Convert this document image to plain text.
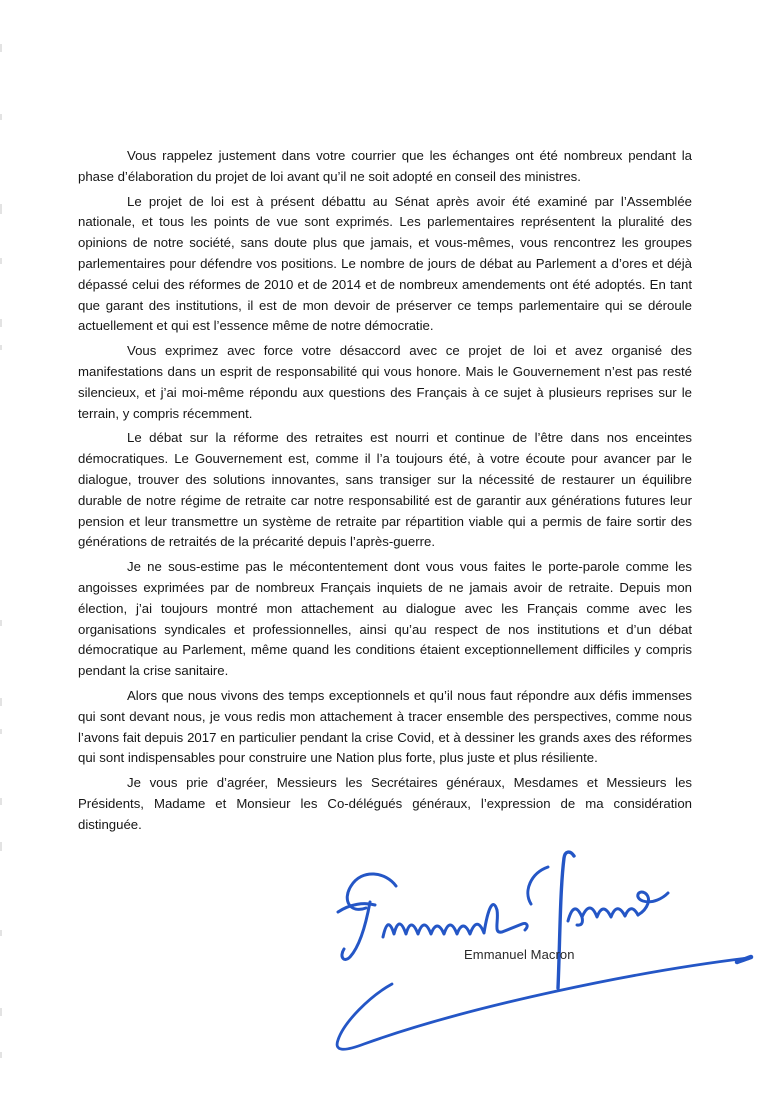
Vous rappelez justement dans votre courrier que les échanges ont été nombreux pendant la phase d’élaboration du projet de loi avant qu’il ne soit adopté en conseil des ministres.

Le projet de loi est à présent débattu au Sénat après avoir été examiné par l’Assemblée nationale, et tous les points de vue sont exprimés. Les parlementaires représentent la pluralité des opinions de notre société, sans doute plus que jamais, et vous-mêmes, vous rencontrez les groupes parlementaires pour défendre vos positions. Le nombre de jours de débat au Parlement a d’ores et déjà dépassé celui des réformes de 2010 et de 2014 et de nombreux amendements ont été adoptés. En tant que garant des institutions, il est de mon devoir de préserver ce temps parlementaire qui se déroule actuellement et qui est l’essence même de notre démocratie.

Vous exprimez avec force votre désaccord avec ce projet de loi et avez organisé des manifestations dans un esprit de responsabilité qui vous honore. Mais le Gouvernement n’est pas resté silencieux, et j’ai moi-même répondu aux questions des Français à ce sujet à plusieurs reprises sur le terrain, y compris récemment.

Le débat sur la réforme des retraites est nourri et continue de l’être dans nos enceintes démocratiques. Le Gouvernement est, comme il l’a toujours été, à votre écoute pour avancer par le dialogue, trouver des solutions innovantes, sans transiger sur la nécessité de restaurer un équilibre durable de notre régime de retraite car notre responsabilité est de garantir aux générations futures leur pension et leur transmettre un système de retraite par répartition viable qui a permis de faire sortir des générations de retraités de la précarité depuis l’après-guerre.

Je ne sous-estime pas le mécontentement dont vous vous faites le porte-parole comme les angoisses exprimées par de nombreux Français inquiets de ne jamais avoir de retraite. Depuis mon élection, j’ai toujours montré mon attachement au dialogue avec les Français comme avec les organisations syndicales et professionnelles, ainsi qu’au respect de nos institutions et d’un débat démocratique au Parlement, même quand les conditions étaient exceptionnellement difficiles y compris pendant la crise sanitaire.

Alors que nous vivons des temps exceptionnels et qu’il nous faut répondre aux défis immenses qui sont devant nous, je vous redis mon attachement à tracer ensemble des perspectives, comme nous l’avons fait depuis 2017 en particulier pendant la crise Covid, et à dessiner les grands axes des réformes qui sont indispensables pour construire une Nation plus forte, plus juste et plus résiliente.

Je vous prie d’agréer, Messieurs les Secrétaires généraux, Mesdames et Messieurs les Présidents, Madame et Monsieur les Co-délégués généraux, l’expression de ma considération distinguée.

Emmanuel Macron
